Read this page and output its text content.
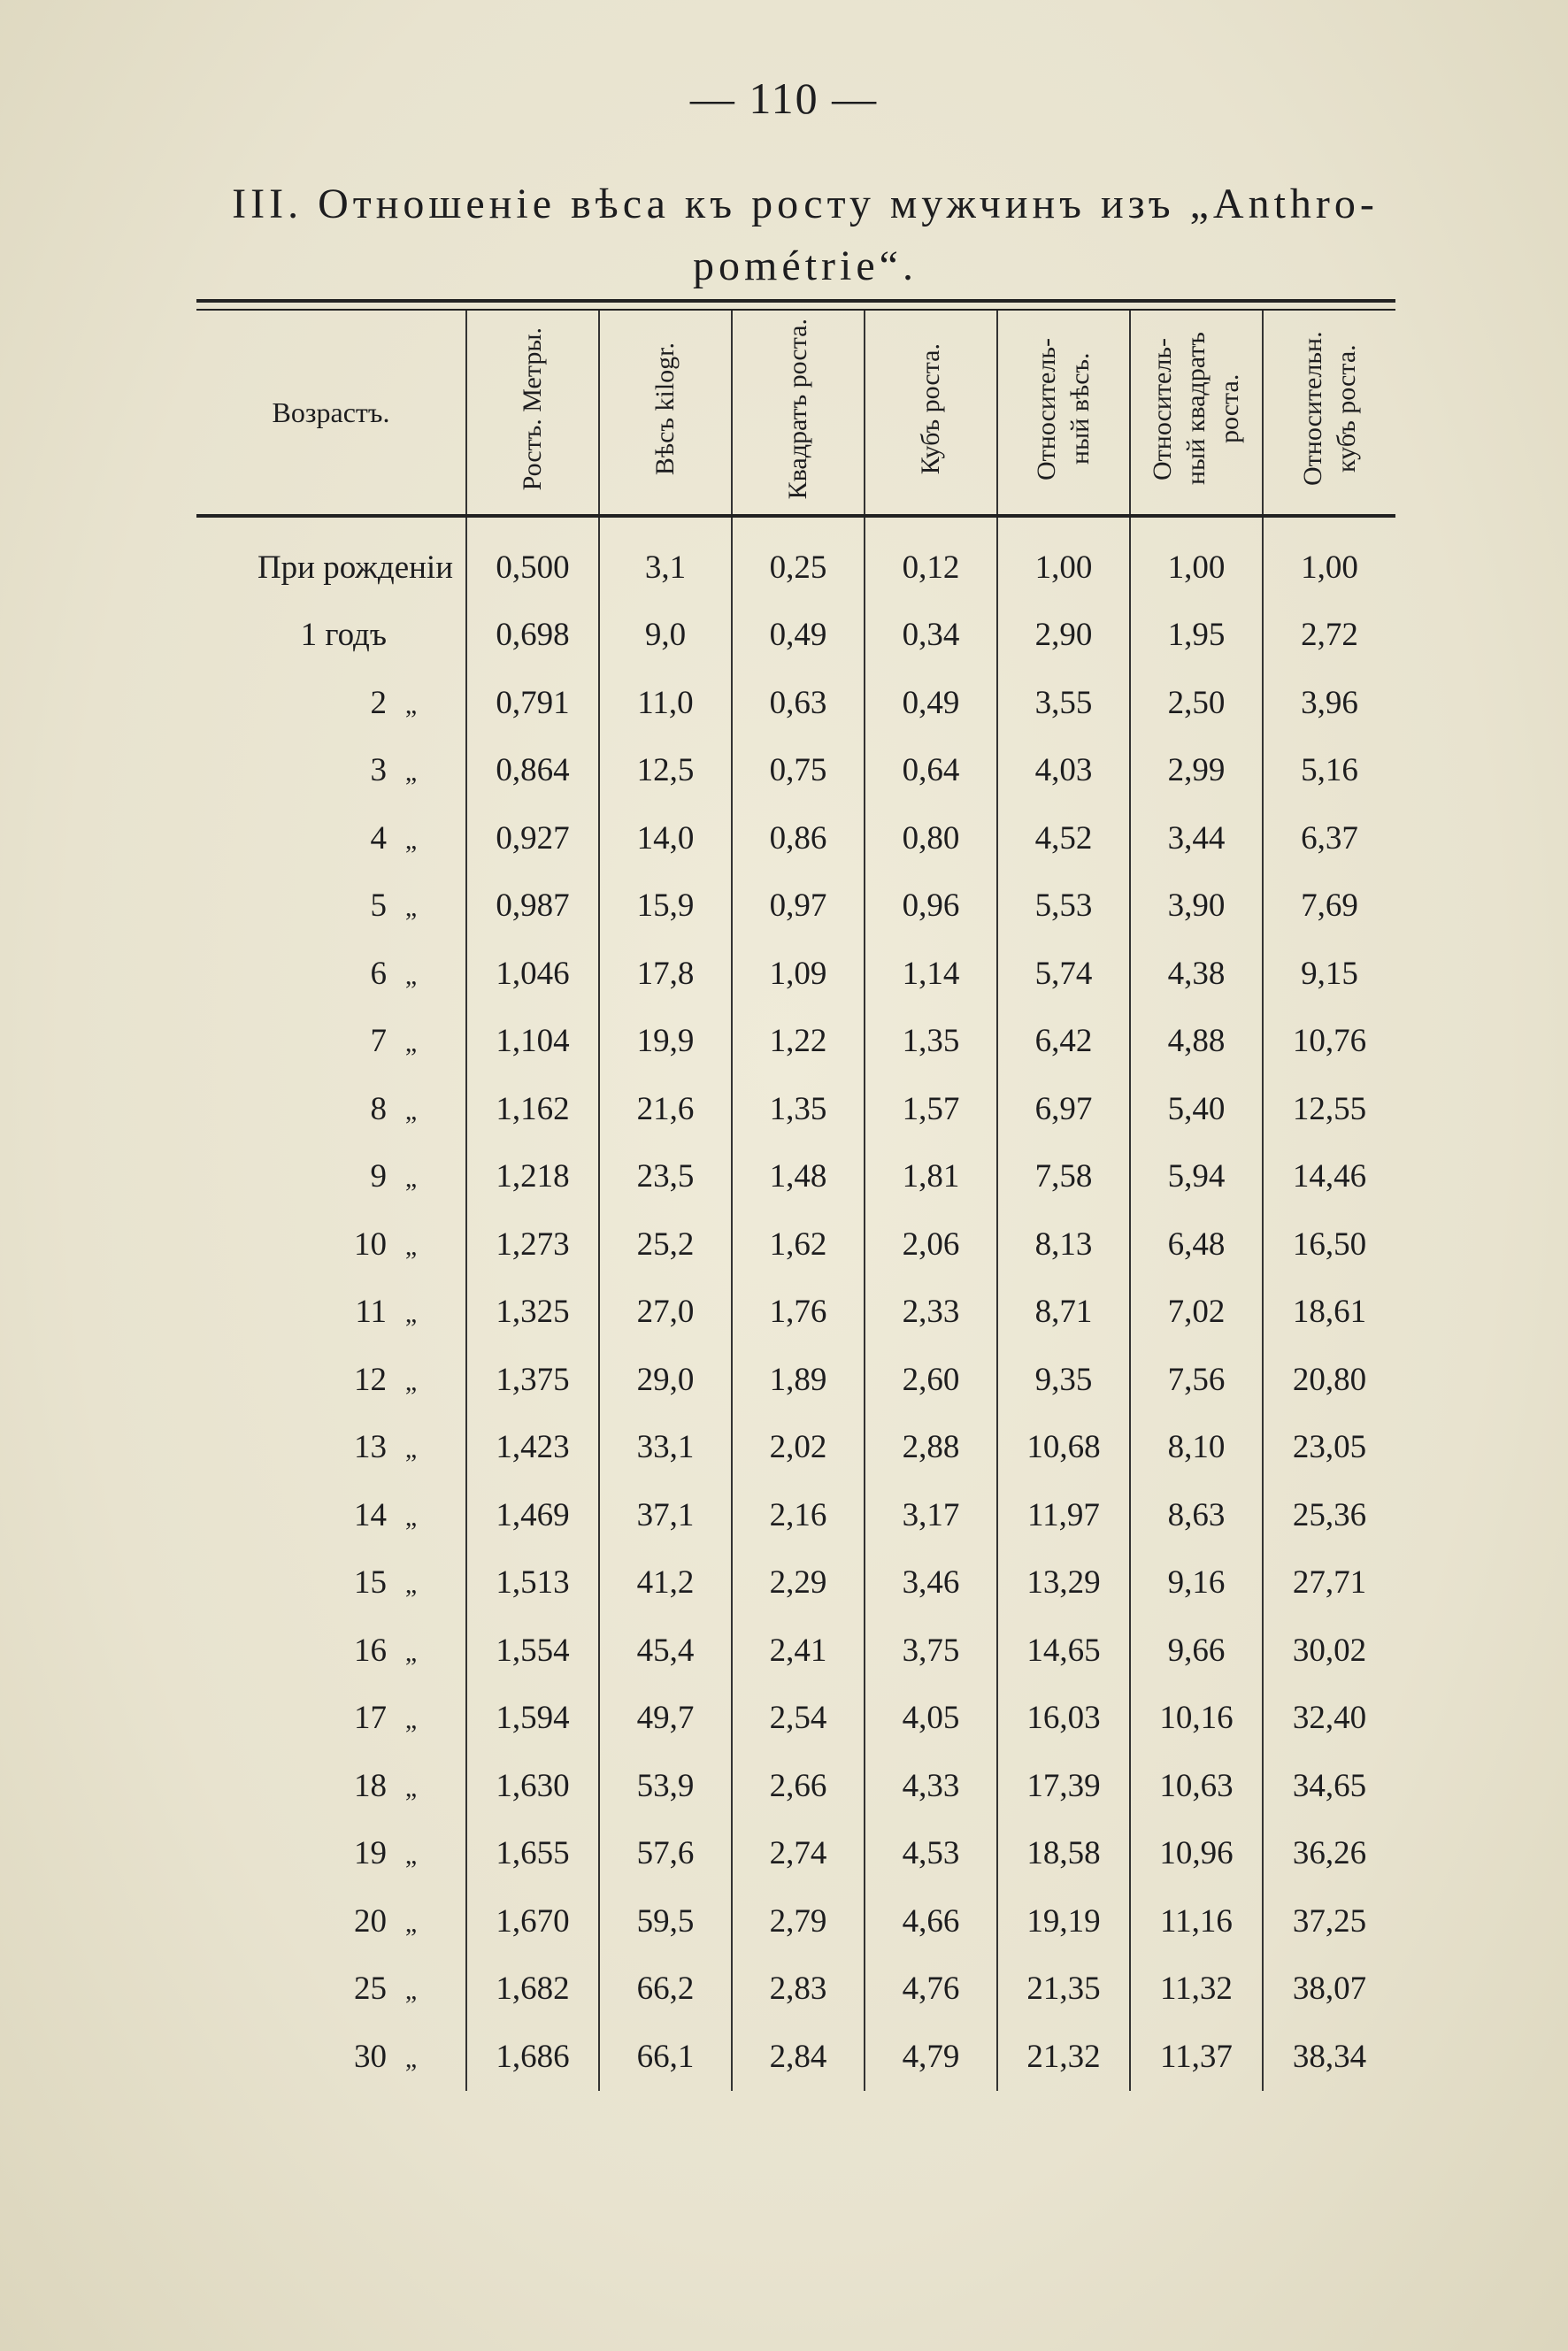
— 110 —
III. Отношеніе вѣса къ росту мужчинъ изъ „Anthro-
pométrie“.
Возрастъ.	Ростъ. Метры.	Вѣсъ kilogr.	Квадратъ роста.	Кубъ роста.	Относитель- ный вѣсъ.	Относитель- ный квадратъ роста.	Относительн. кубъ роста.

При рожденіи	0,500	3,1	0,25	0,12	1,00	1,00	1,00
1 годъ	0,698	9,0	0,49	0,34	2,90	1,95	2,72
2 „	0,791	11,0	0,63	0,49	3,55	2,50	3,96
3 „	0,864	12,5	0,75	0,64	4,03	2,99	5,16
4 „	0,927	14,0	0,86	0,80	4,52	3,44	6,37
5 „	0,987	15,9	0,97	0,96	5,53	3,90	7,69
6 „	1,046	17,8	1,09	1,14	5,74	4,38	9,15
7 „	1,104	19,9	1,22	1,35	6,42	4,88	10,76
8 „	1,162	21,6	1,35	1,57	6,97	5,40	12,55
9 „	1,218	23,5	1,48	1,81	7,58	5,94	14,46
10 „	1,273	25,2	1,62	2,06	8,13	6,48	16,50
11 „	1,325	27,0	1,76	2,33	8,71	7,02	18,61
12 „	1,375	29,0	1,89	2,60	9,35	7,56	20,80
13 „	1,423	33,1	2,02	2,88	10,68	8,10	23,05
14 „	1,469	37,1	2,16	3,17	11,97	8,63	25,36
15 „	1,513	41,2	2,29	3,46	13,29	9,16	27,71
16 „	1,554	45,4	2,41	3,75	14,65	9,66	30,02
17 „	1,594	49,7	2,54	4,05	16,03	10,16	32,40
18 „	1,630	53,9	2,66	4,33	17,39	10,63	34,65
19 „	1,655	57,6	2,74	4,53	18,58	10,96	36,26
20 „	1,670	59,5	2,79	4,66	19,19	11,16	37,25
25 „	1,682	66,2	2,83	4,76	21,35	11,32	38,07
30 „	1,686	66,1	2,84	4,79	21,32	11,37	38,34
